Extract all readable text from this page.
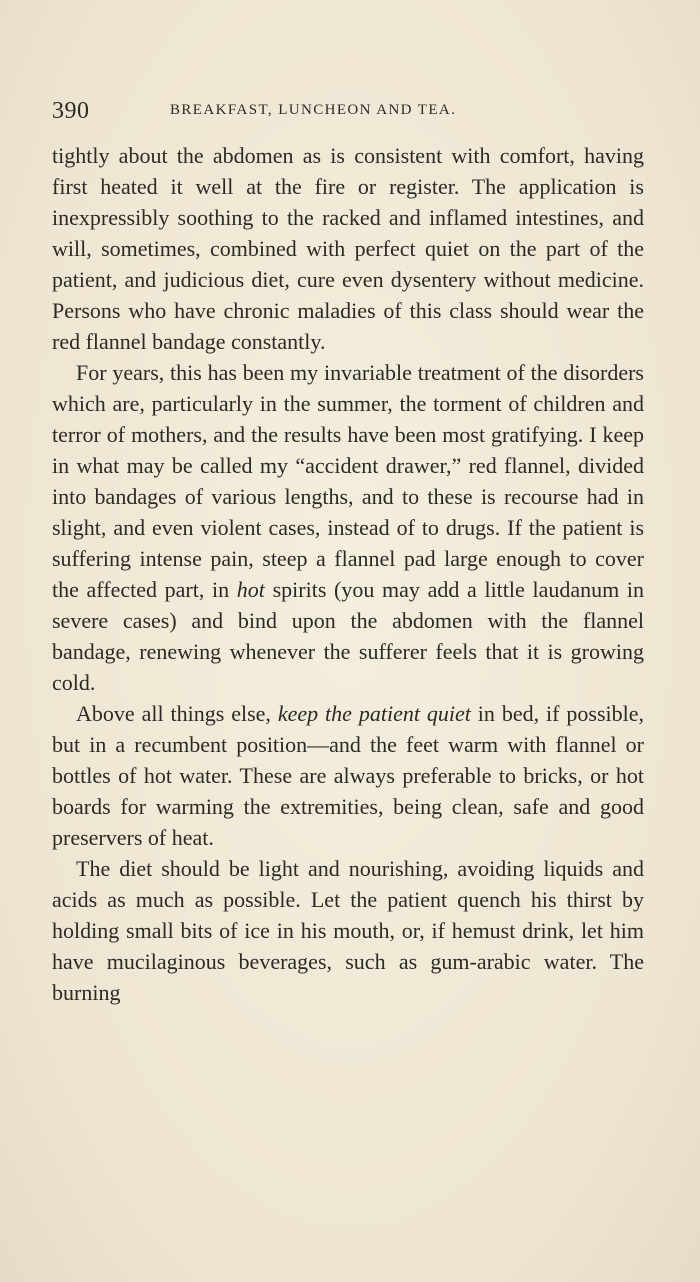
390	BREAKFAST, LUNCHEON AND TEA.

tightly about the abdomen as is consistent with comfort, having first heated it well at the fire or register. The application is inexpressibly soothing to the racked and inflamed intestines, and will, sometimes, combined with perfect quiet on the part of the patient, and judicious diet, cure even dysentery without medicine. Persons who have chronic maladies of this class should wear the red flannel bandage constantly.

For years, this has been my invariable treatment of the disorders which are, particularly in the summer, the torment of children and terror of mothers, and the results have been most gratifying. I keep in what may be called my “accident drawer,” red flannel, divided into bandages of various lengths, and to these is recourse had in slight, and even violent cases, instead of to drugs. If the patient is suffering intense pain, steep a flannel pad large enough to cover the affected part, in hot spirits (you may add a little laudanum in severe cases) and bind upon the abdomen with the flannel bandage, renewing whenever the sufferer feels that it is growing cold.

Above all things else, keep the patient quiet in bed, if possible, but in a recumbent position—and the feet warm with flannel or bottles of hot water. These are always preferable to bricks, or hot boards for warming the extremities, being clean, safe and good preservers of heat.

The diet should be light and nourishing, avoiding liquids and acids as much as possible. Let the patient quench his thirst by holding small bits of ice in his mouth, or, if hemust drink, let him have mucilaginous beverages, such as gum-arabic water. The burning
